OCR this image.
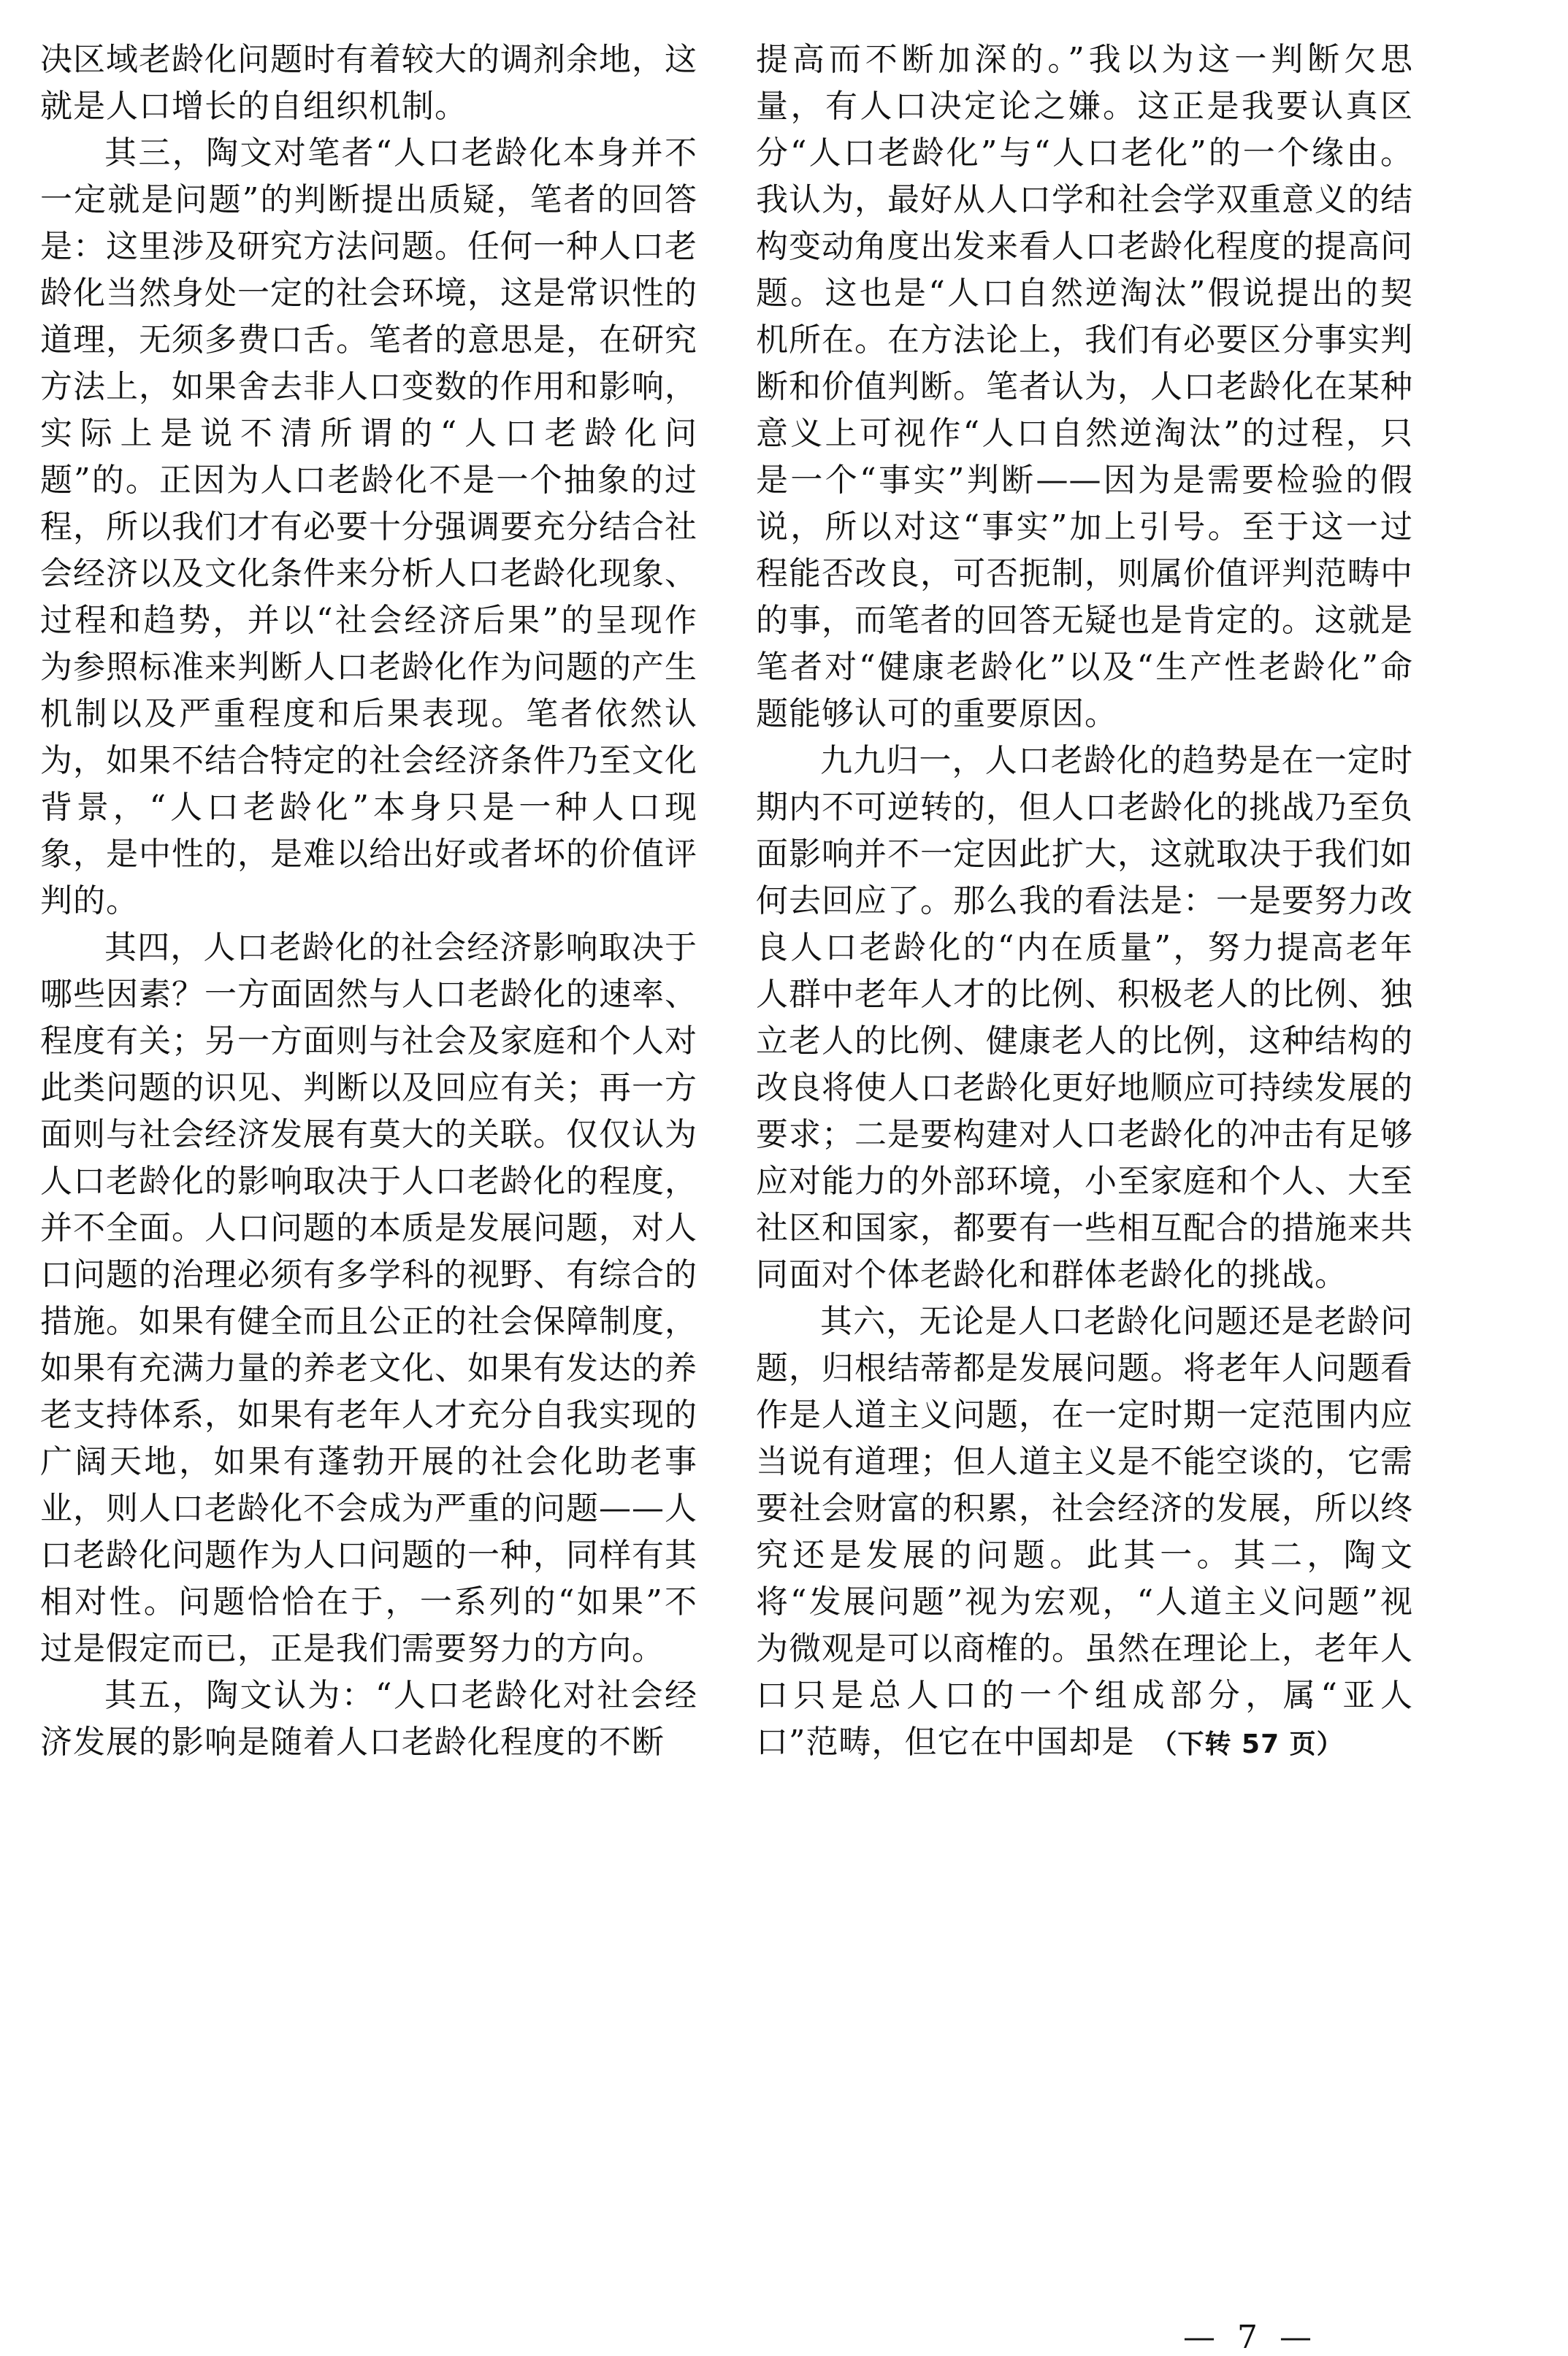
决区域老龄化问题时有着较大的调剂余地，这就是人口增长的自组织机制。

其三，陶文对笔者“人口老龄化本身并不一定就是问题”的判断提出质疑，笔者的回答是：这里涉及研究方法问题。任何一种人口老龄化当然身处一定的社会环境，这是常识性的道理，无须多费口舌。笔者的意思是，在研究方法上，如果舍去非人口变数的作用和影响，实际上是说不清所谓的“人口老龄化问题”的。正因为人口老龄化不是一个抽象的过程，所以我们才有必要十分强调要充分结合社会经济以及文化条件来分析人口老龄化现象、过程和趋势，并以“社会经济后果”的呈现作为参照标准来判断人口老龄化作为问题的产生机制以及严重程度和后果表现。笔者依然认为，如果不结合特定的社会经济条件乃至文化背景，“人口老龄化”本身只是一种人口现象，是中性的，是难以给出好或者坏的价值评判的。

其四，人口老龄化的社会经济影响取决于哪些因素？一方面固然与人口老龄化的速率、程度有关；另一方面则与社会及家庭和个人对此类问题的识见、判断以及回应有关；再一方面则与社会经济发展有莫大的关联。仅仅认为人口老龄化的影响取决于人口老龄化的程度，并不全面。人口问题的本质是发展问题，对人口问题的治理必须有多学科的视野、有综合的措施。如果有健全而且公正的社会保障制度，如果有充满力量的养老文化、如果有发达的养老支持体系，如果有老年人才充分自我实现的广阔天地，如果有蓬勃开展的社会化助老事业，则人口老龄化不会成为严重的问题——人口老龄化问题作为人口问题的一种，同样有其相对性。问题恰恰在于，一系列的“如果”不过是假定而已，正是我们需要努力的方向。

其五，陶文认为：“人口老龄化对社会经济发展的影响是随着人口老龄化程度的不断

提高而不断加深的。”我以为这一判断欠思量，有人口决定论之嫌。这正是我要认真区分“人口老龄化”与“人口老化”的一个缘由。我认为，最好从人口学和社会学双重意义的结构变动角度出发来看人口老龄化程度的提高问题。这也是“人口自然逆淘汰”假说提出的契机所在。在方法论上，我们有必要区分事实判断和价值判断。笔者认为，人口老龄化在某种意义上可视作“人口自然逆淘汰”的过程，只是一个“事实”判断——因为是需要检验的假说，所以对这“事实”加上引号。至于这一过程能否改良，可否扼制，则属价值评判范畴中的事，而笔者的回答无疑也是肯定的。这就是笔者对“健康老龄化”以及“生产性老龄化”命题能够认可的重要原因。

九九归一，人口老龄化的趋势是在一定时期内不可逆转的，但人口老龄化的挑战乃至负面影响并不一定因此扩大，这就取决于我们如何去回应了。那么我的看法是：一是要努力改良人口老龄化的“内在质量”，努力提高老年人群中老年人才的比例、积极老人的比例、独立老人的比例、健康老人的比例，这种结构的改良将使人口老龄化更好地顺应可持续发展的要求；二是要构建对人口老龄化的冲击有足够应对能力的外部环境，小至家庭和个人、大至社区和国家，都要有一些相互配合的措施来共同面对个体老龄化和群体老龄化的挑战。

其六，无论是人口老龄化问题还是老龄问题，归根结蒂都是发展问题。将老年人问题看作是人道主义问题，在一定时期一定范围内应当说有道理；但人道主义是不能空谈的，它需要社会财富的积累，社会经济的发展，所以终究还是发展的问题。此其一。其二，陶文将“发展问题”视为宏观，“人道主义问题”视为微观是可以商榷的。虽然在理论上，老年人口只是总人口的一个组成部分，属“亚人口”范畴，但它在中国却是 （下转 57 页）

— 7 —
